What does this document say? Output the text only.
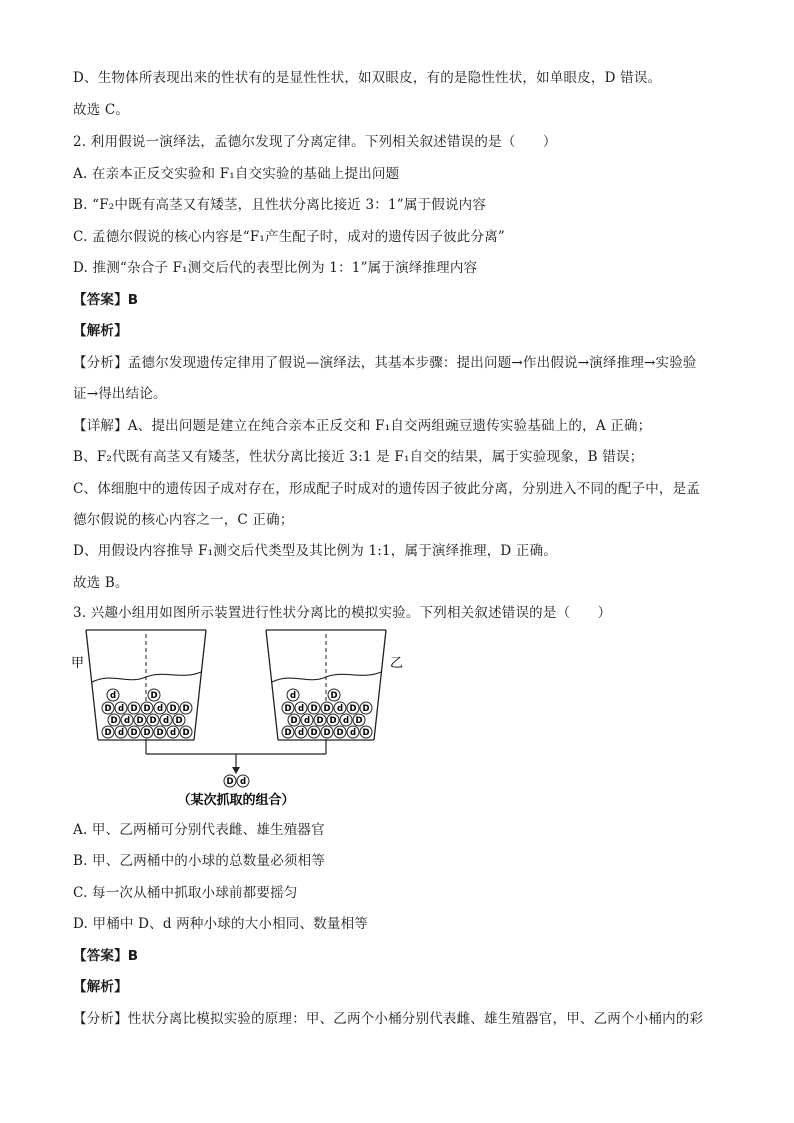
D、生物体所表现出来的性状有的是显性性状，如双眼皮，有的是隐性性状，如单眼皮，D 错误。
故选 C。
2. 利用假说一演绎法，孟德尔发现了分离定律。下列相关叙述错误的是（　　）
A. 在亲本正反交实验和 F₁自交实验的基础上提出问题
B. “F₂中既有高茎又有矮茎，且性状分离比接近 3：1”属于假说内容
C. 孟德尔假说的核心内容是“F₁产生配子时，成对的遗传因子彼此分离”
D. 推测“杂合子 F₁测交后代的表型比例为 1：1”属于演绎推理内容
【答案】B
【解析】
【分析】孟德尔发现遗传定律用了假说—演绎法，其基本步骤：提出问题→作出假说→演绎推理→实验验
证→得出结论。
【详解】A、提出问题是建立在纯合亲本正反交和 F₁自交两组豌豆遗传实验基础上的，A 正确；
B、F₂代既有高茎又有矮茎，性状分离比接近 3:1 是 F₁自交的结果，属于实验现象，B 错误；
C、体细胞中的遗传因子成对存在，形成配子时成对的遗传因子彼此分离，分别进入不同的配子中，是孟
德尔假说的核心内容之一，C 正确；
D、用假设内容推导 F₁测交后代类型及其比例为 1:1，属于演绎推理，D 正确。
故选 B。
3. 兴趣小组用如图所示装置进行性状分离比的模拟实验。下列相关叙述错误的是（　　）
d	D
D d D D d D D
D d D D d D
D d D D D d D
d	D
D d D D d D D
D d D D d D
D d D D D d D
D d
甲	乙
（某次抓取的组合）
A. 甲、乙两桶可分别代表雌、雄生殖器官
B. 甲、乙两桶中的小球的总数量必须相等
C. 每一次从桶中抓取小球前都要摇匀
D. 甲桶中 D、d 两种小球的大小相同、数量相等
【答案】B
【解析】
【分析】性状分离比模拟实验的原理：甲、乙两个小桶分别代表雌、雄生殖器官，甲、乙两个小桶内的彩
